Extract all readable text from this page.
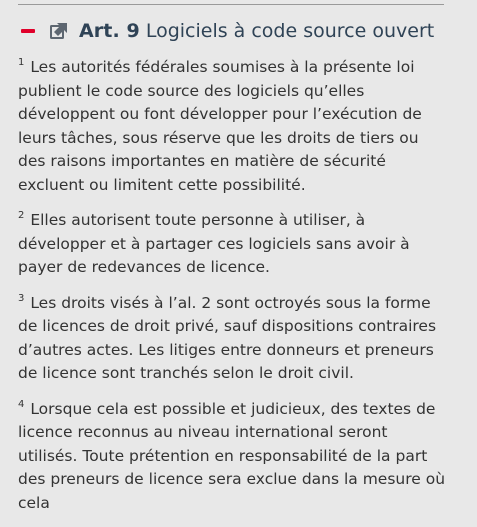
Art. 9 Logiciels à code source ouvert

$^1$ Les autorités fédérales soumises à la présente loi publient le code source des logiciels qu’elles développent ou font développer pour l’exécution de leurs tâches, sous réserve que les droits de tiers ou des raisons importantes en matière de sécurité excluent ou limitent cette possibilité.

$^2$ Elles autorisent toute personne à utiliser, à développer et à partager ces logiciels sans avoir à payer de redevances de licence.

$^3$ Les droits visés à l’al. 2 sont octroyés sous la forme de licences de droit privé, sauf dispositions contraires d’autres actes. Les litiges entre donneurs et preneurs de licence sont tranchés selon le droit civil.

$^4$ Lorsque cela est possible et judicieux, des textes de licence reconnus au niveau international seront utilisés. Toute prétention en responsabilité de la part des preneurs de licence sera exclue dans la mesure où cela
